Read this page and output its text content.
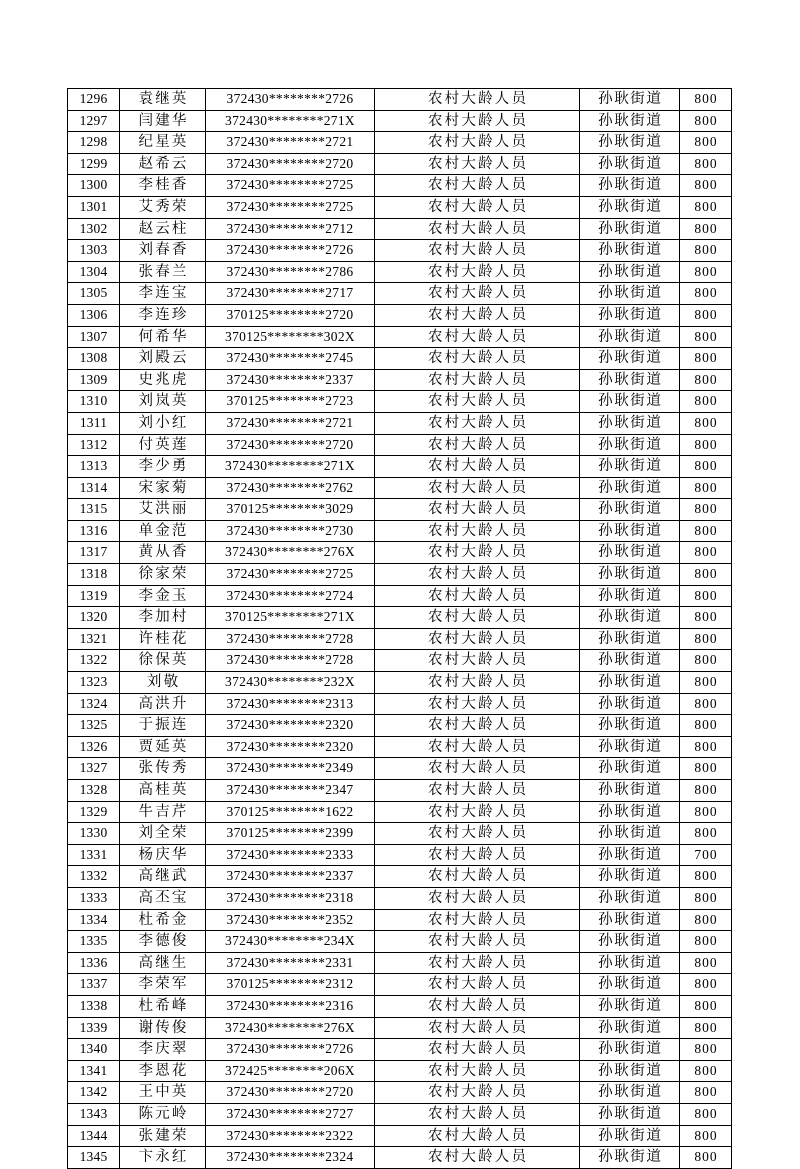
1296	袁继英	372430********2726	农村大龄人员	孙耿街道	800
1297	闫建华	372430********271X	农村大龄人员	孙耿街道	800
1298	纪星英	372430********2721	农村大龄人员	孙耿街道	800
1299	赵希云	372430********2720	农村大龄人员	孙耿街道	800
1300	李桂香	372430********2725	农村大龄人员	孙耿街道	800
1301	艾秀荣	372430********2725	农村大龄人员	孙耿街道	800
1302	赵云柱	372430********2712	农村大龄人员	孙耿街道	800
1303	刘春香	372430********2726	农村大龄人员	孙耿街道	800
1304	张春兰	372430********2786	农村大龄人员	孙耿街道	800
1305	李连宝	372430********2717	农村大龄人员	孙耿街道	800
1306	李连珍	370125********2720	农村大龄人员	孙耿街道	800
1307	何希华	370125********302X	农村大龄人员	孙耿街道	800
1308	刘殿云	372430********2745	农村大龄人员	孙耿街道	800
1309	史兆虎	372430********2337	农村大龄人员	孙耿街道	800
1310	刘岚英	370125********2723	农村大龄人员	孙耿街道	800
1311	刘小红	372430********2721	农村大龄人员	孙耿街道	800
1312	付英莲	372430********2720	农村大龄人员	孙耿街道	800
1313	李少勇	372430********271X	农村大龄人员	孙耿街道	800
1314	宋家菊	372430********2762	农村大龄人员	孙耿街道	800
1315	艾洪丽	370125********3029	农村大龄人员	孙耿街道	800
1316	单金范	372430********2730	农村大龄人员	孙耿街道	800
1317	黄从香	372430********276X	农村大龄人员	孙耿街道	800
1318	徐家荣	372430********2725	农村大龄人员	孙耿街道	800
1319	李金玉	372430********2724	农村大龄人员	孙耿街道	800
1320	李加村	370125********271X	农村大龄人员	孙耿街道	800
1321	许桂花	372430********2728	农村大龄人员	孙耿街道	800
1322	徐保英	372430********2728	农村大龄人员	孙耿街道	800
1323	刘敬	372430********232X	农村大龄人员	孙耿街道	800
1324	高洪升	372430********2313	农村大龄人员	孙耿街道	800
1325	于振连	372430********2320	农村大龄人员	孙耿街道	800
1326	贾延英	372430********2320	农村大龄人员	孙耿街道	800
1327	张传秀	372430********2349	农村大龄人员	孙耿街道	800
1328	高桂英	372430********2347	农村大龄人员	孙耿街道	800
1329	牛吉芹	370125********1622	农村大龄人员	孙耿街道	800
1330	刘全荣	370125********2399	农村大龄人员	孙耿街道	800
1331	杨庆华	372430********2333	农村大龄人员	孙耿街道	700
1332	高继武	372430********2337	农村大龄人员	孙耿街道	800
1333	高丕宝	372430********2318	农村大龄人员	孙耿街道	800
1334	杜希金	372430********2352	农村大龄人员	孙耿街道	800
1335	李德俊	372430********234X	农村大龄人员	孙耿街道	800
1336	高继生	372430********2331	农村大龄人员	孙耿街道	800
1337	李荣军	370125********2312	农村大龄人员	孙耿街道	800
1338	杜希峰	372430********2316	农村大龄人员	孙耿街道	800
1339	谢传俊	372430********276X	农村大龄人员	孙耿街道	800
1340	李庆翠	372430********2726	农村大龄人员	孙耿街道	800
1341	李恩花	372425********206X	农村大龄人员	孙耿街道	800
1342	王中英	372430********2720	农村大龄人员	孙耿街道	800
1343	陈元岭	372430********2727	农村大龄人员	孙耿街道	800
1344	张建荣	372430********2322	农村大龄人员	孙耿街道	800
1345	卞永红	372430********2324	农村大龄人员	孙耿街道	800
